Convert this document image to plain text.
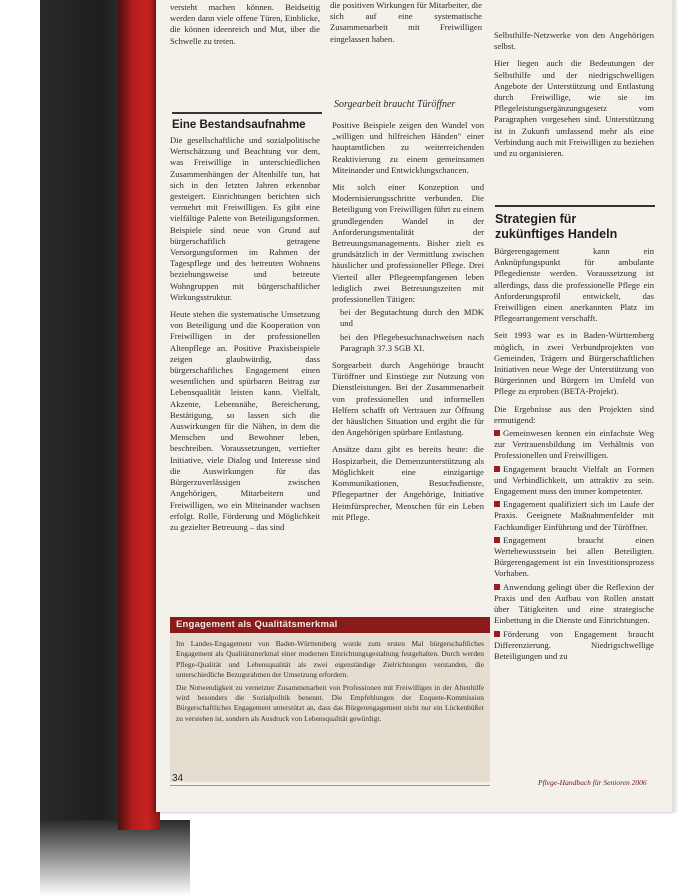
versteht machen können. Beidseitig werden dann viele offene Türen, Einblicke, die können ideenreich und Mut, über die Schwelle zu treten.

Eine Bestandsaufnahme

Die gesellschaftliche und sozialpolitische Wertschätzung und Beachtung vor dem, was Freiwillige in unterschiedlichen Zusammenhängen der Altenhilfe tun, hat sich in den letzten Jahren erkennbar gesteigert. Einrichtungen berichten sich vermehrt mit Freiwilligen. Es gibt eine vielfältige Palette von Beteiligungsformen. Beispiele sind neue von Grund auf bürgerschaftlich getragene Versorgungsformen im Rahmen der Tagespflege und des betreuten Wohnens beziehungsweise und betreute Wohngruppen mit bürgerschaftlicher Wirkungsstruktur.

Heute stehen die systematische Umsetzung von Beteiligung und die Kooperation von Freiwilligen in der professionellen Altenpflege an. Positive Praxisbeispiele zeigen glaubwürdig, dass bürgerschaftliches Engagement einen wesentlichen und spürbaren Beitrag zur Lebensqualität leisten kann. Vielfalt, Akzente, Lebensnähe, Bereicherung, Bestätigung, so lassen sich die Auswirkungen für die Nähen, in dem die Menschen und Bewohner leben, beschreiben. Voraussetzungen, vertiefter Initiative, viele Dialog und Interesse sind die Auswirkungen für das Bürgerzuverlässigen zwischen Angehörigen, Mitarbeitern und Freiwilligen, wo ein Miteinander wachsen erfolgt. Rolle, Förderung und Möglichkeit zu gezielter Betreuung – das sind

die positiven Wirkungen für Mitarbeiter, die sich auf eine systematische Zusammenarbeit mit Freiwilligen eingelassen haben.

Sorgearbeit braucht Türöffner

Positive Beispiele zeigen den Wandel von „willigen und hilfreichen Händen" einer hauptamtlichen zu weiterreichenden Reaktivierung zu einem gemeinsamen Miteinander und Entwicklungschancen.

Mit solch einer Konzeption und Modernisierungsschritte verbunden. Die Beteiligung von Freiwilligen führt zu einem grundlegenden Wandel in der Anforderungsmentalität der Betreuungsmanagements. Bisher zielt es grundsätzlich in der Vermittlung zwischen häuslicher und professioneller Pflege. Drei Vierteil aller Pflegeempfangenen leben lediglich zwei Betreuungszeiten mit professionellen Tätigen:

bei der Begutachtung durch den MDK und

bei den Pflegebesuchsnachweisen nach Paragraph 37.3 SGB XI.

Sorgearbeit durch Angehörige braucht Türöffner und Einstiege zur Nutzung von Dienstleistungen. Bei der Zusammenarbeit von professionellen und informellen Helfern schafft oft Vertrauen zur Öffnung der häuslichen Situation und ergibt die für den Angehörigen spürbare Entlastung.

Ansätze dazu gibt es bereits heute: die Hospizarbeit, die Demenzunterstützung als Möglichkeit eine einzigartige Kommunikationen, Besuchsdienste, Pflegepartner der Angehörige, Initiative Heimfürsprecher, Menschen für ein Leben mit Pflege.

Selbsthilfe-Netzwerke von den Angehörigen selbst.

Hier liegen auch die Bedeutungen der Selbsthilfe und der niedrigschwelligen Angebote der Unterstützung und Entlastung durch Freiwillige, wie sie im Pflegeleistungsergänzungsgesetz vom Paragraphen vorgesehen sind. Unterstützung ist in Zukunft umfassend mehr als eine Verbindung auch mit Freiwilligen zu beziehen und zu organisieren.

Strategien für
zukünftiges Handeln

Bürgerengagement kann ein Anknüpfungspunkt für ambulante Pflegedienste werden. Voraussetzung ist allerdings, dass die professionelle Pflege ein Anforderungsprofil entwickelt, das Freiwilligen einen anerkannten Platz im Pflegearrangement verschafft.

Seit 1993 war es in Baden-Württemberg möglich, in zwei Verbundprojekten von Gemeinden, Trägern und Bürgerschaftlichen Initiativen neue Wege der Unterstützung von Bürgerinnen und Bürgern im Umfeld von Pflege zu erproben (BETA-Projekt).

Die Ergebnisse aus den Projekten sind ermutigend:

Gemeinwesen kennen ein einfachste Weg zur Vertrauensbildung im Verhältnis von Professionellen und Freiwilligen.

Engagement braucht Vielfalt an Formen und Verbindlichkeit, um attraktiv zu sein. Engagement muss den immer kompetenter.

Engagement qualifiziert sich im Laufe der Praxis. Geeignete Maßnahmenfelder mit Fachkundiger Einführung und der Türöffner.

Engagement braucht einen Wertebewusstsein bei allen Beteiligten. Bürgerengagement ist ein Investitionsprozess Vorhaben.

Anwendung gelingt über die Reflexion der Praxis und den Aufbau von Rollen anstatt über Tätigkeiten und eine strategische Einbettung in die Dienste und Einrichtungen.

Förderung von Engagement braucht Differenzierung. Niedrigschwellige Beteiligungen und zu

Engagement als Qualitätsmerkmal

Im Landes-Engagement von Baden-Württemberg wurde zum ersten Mal bürgerschaftliches Engagement als Qualitätsmerkmal einer modernen Einrichtungsgestaltung festgehalten. Durch werden Pflege-Qualität und Lebensqualität als zwei eigenständige Zielrichtungen verstanden, die unterschiedliche Bezugsrahmen der Umsetzung erfordern.

Die Notwendigkeit zu vernetzter Zusammenarbeit von Professionen mit Freiwilligen in der Altenhilfe wird besonders die Sozialpolitik benennt. Die Empfehlungen der Enquete-Kommission Bürgerschaftliches Engagement unterstützt an, dass das Bürgerengagement nicht nur ein Lückenbüßer zu verstehen ist, sondern als Ausdruck von Lebensqualität gewürdigt.

34	Pflege-Handbuch für Senioren 2006
